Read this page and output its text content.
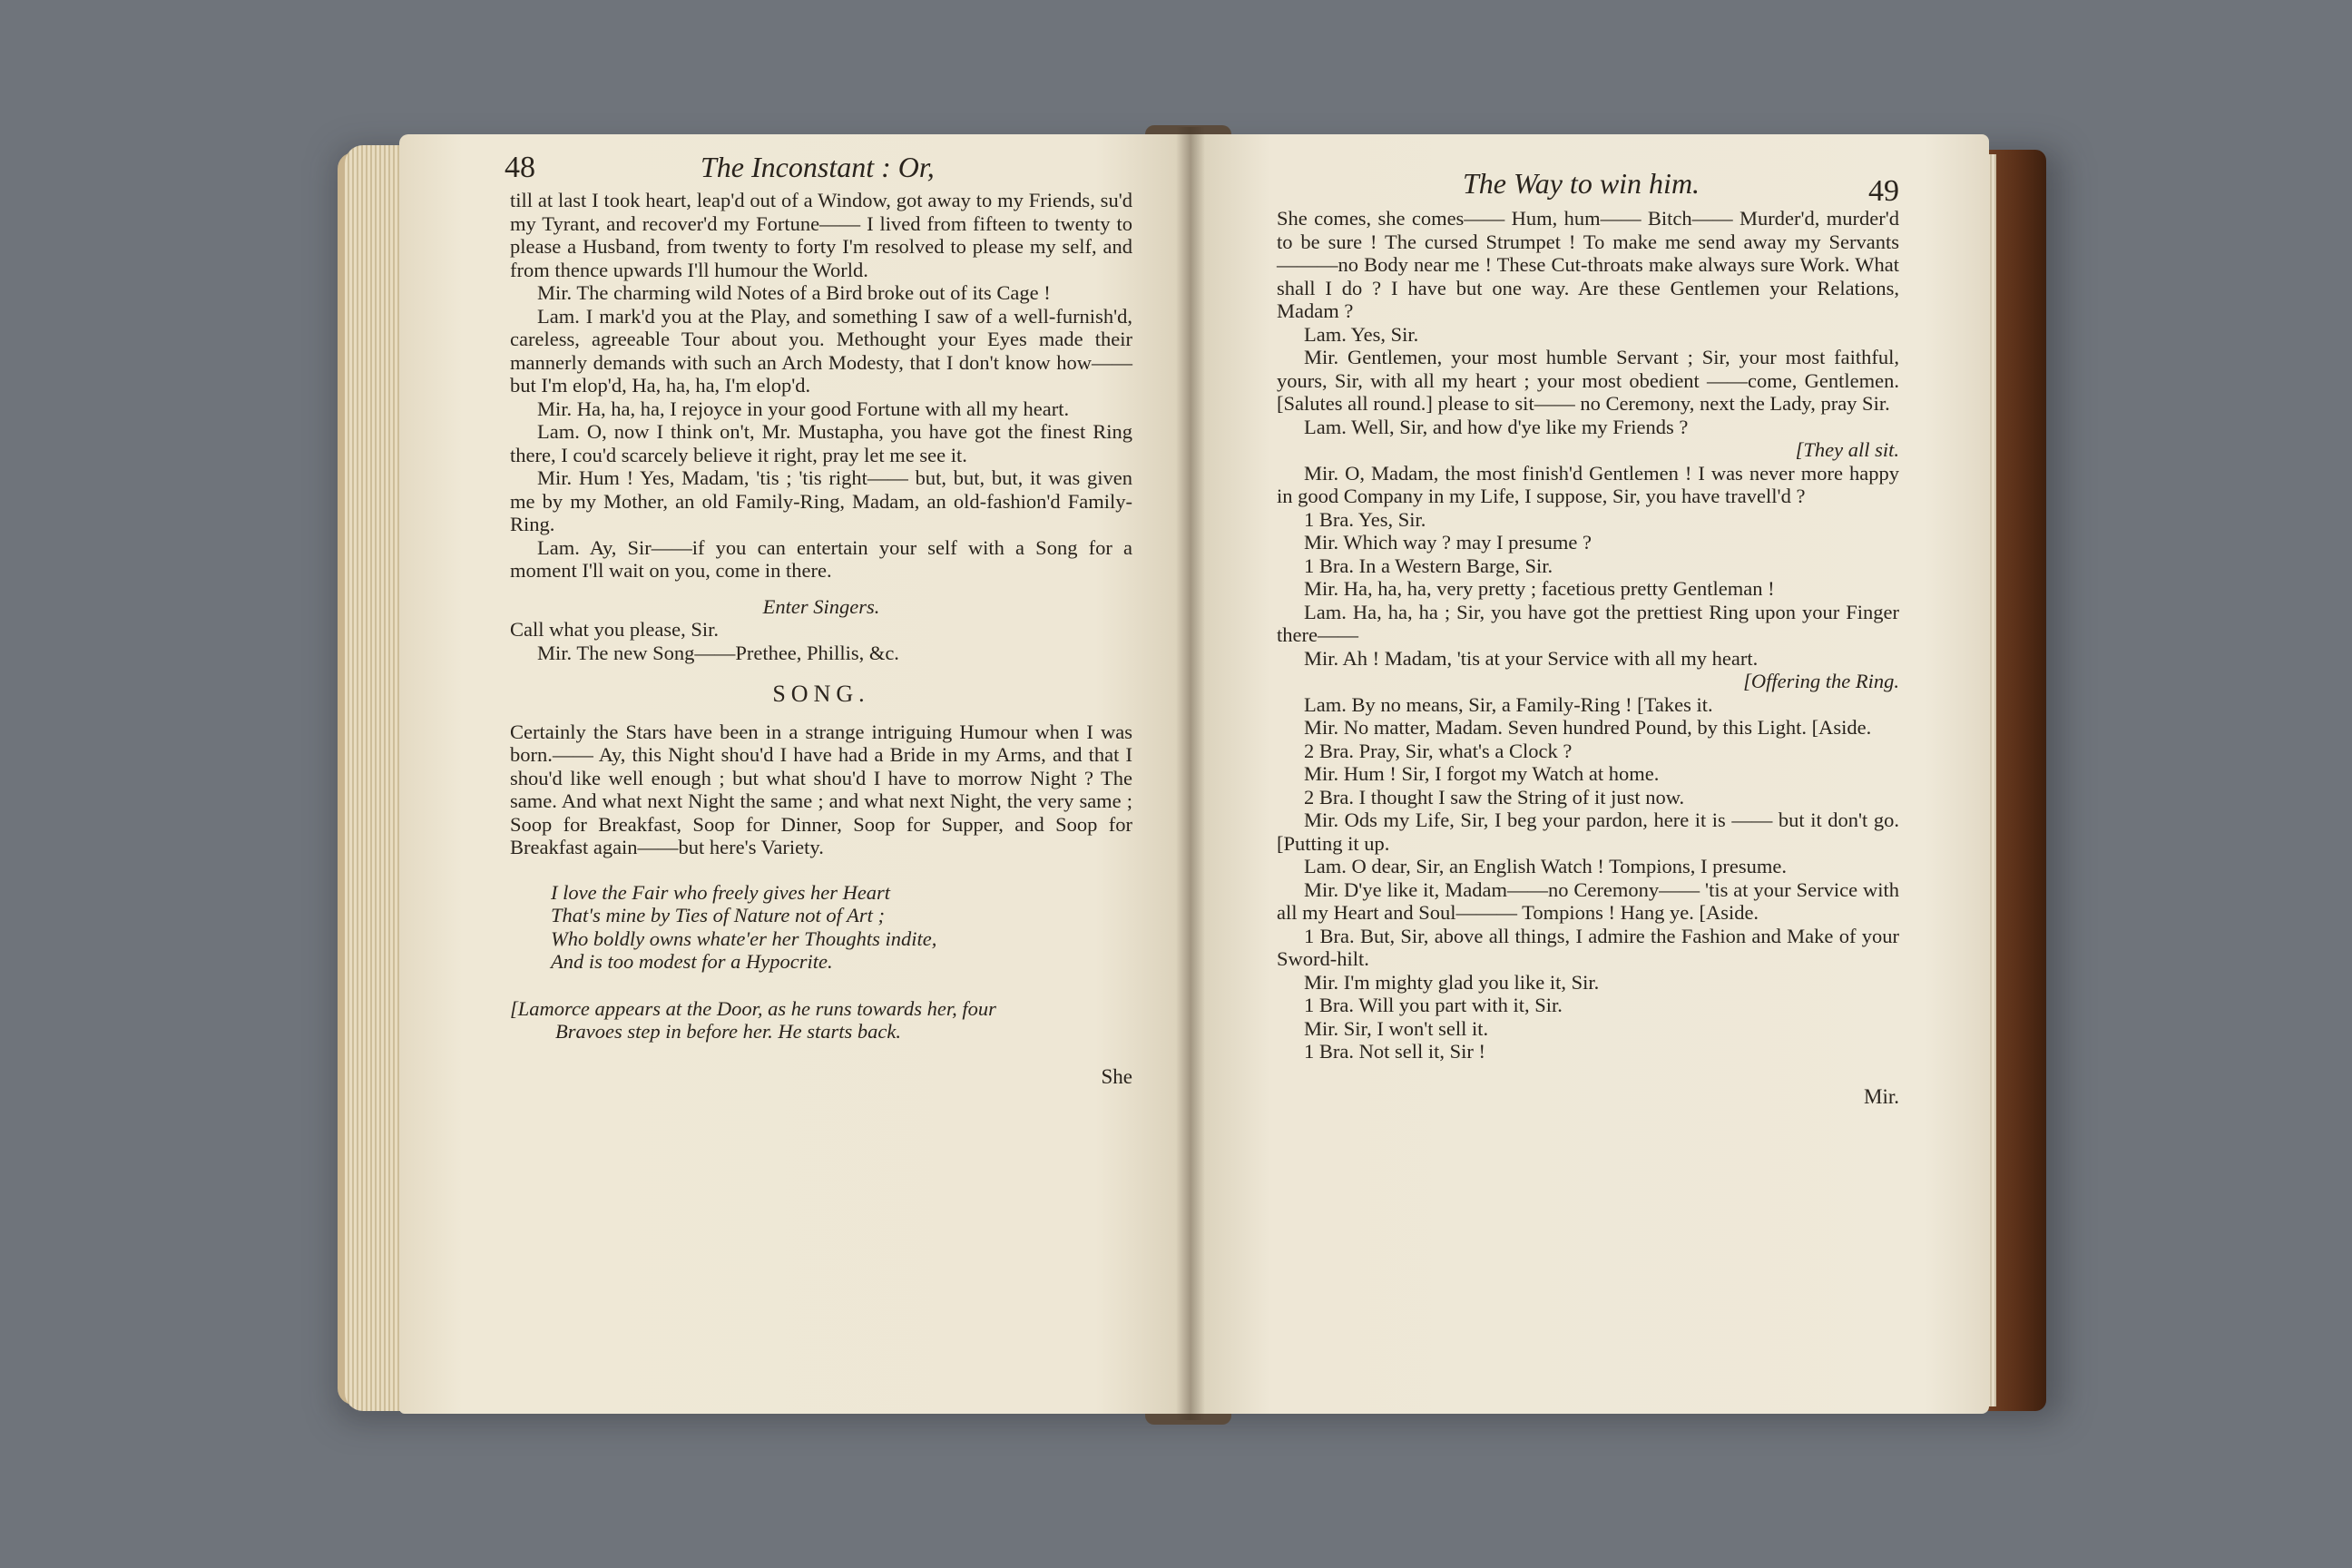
48	The Inconstant : Or,
till at last I took heart, leap'd out of a Window, got away to my Friends, su'd my Tyrant, and recover'd my Fortune—— I lived from fifteen to twenty to please a Husband, from twenty to forty I'm resolved to please my self, and from thence upwards I'll humour the World.
Mir. The charming wild Notes of a Bird broke out of its Cage !
Lam. I mark'd you at the Play, and something I saw of a well-furnish'd, careless, agreeable Tour about you. Methought your Eyes made their mannerly demands with such an Arch Modesty, that I don't know how—— but I'm elop'd, Ha, ha, ha, I'm elop'd.
Mir. Ha, ha, ha, I rejoyce in your good Fortune with all my heart.
Lam. O, now I think on't, Mr. Mustapha, you have got the finest Ring there, I cou'd scarcely believe it right, pray let me see it.
Mir. Hum ! Yes, Madam, 'tis ; 'tis right—— but, but, but, it was given me by my Mother, an old Family-Ring, Madam, an old-fashion'd Family-Ring.
Lam. Ay, Sir——if you can entertain your self with a Song for a moment I'll wait on you, come in there.
Enter Singers.
Call what you please, Sir.
Mir. The new Song——Prethee, Phillis, &c.
SONG.
Certainly the Stars have been in a strange intriguing Humour when I was born.—— Ay, this Night shou'd I have had a Bride in my Arms, and that I shou'd like well enough ; but what shou'd I have to morrow Night ? The same. And what next Night the same ; and what next Night, the very same ; Soop for Breakfast, Soop for Dinner, Soop for Supper, and Soop for Breakfast again——but here's Variety.
I love the Fair who freely gives her Heart
That's mine by Ties of Nature not of Art ;
Who boldly owns whate'er her Thoughts indite,
And is too modest for a Hypocrite.
[Lamorce appears at the Door, as he runs towards her, four
Bravoes step in before her. He starts back.
She
The Way to win him.	49
She comes, she comes—— Hum, hum—— Bitch—— Murder'd, murder'd to be sure ! The cursed Strumpet ! To make me send away my Servants———no Body near me ! These Cut-throats make always sure Work. What shall I do ? I have but one way. Are these Gentlemen your Relations, Madam ?
Lam. Yes, Sir.
Mir. Gentlemen, your most humble Servant ; Sir, your most faithful, yours, Sir, with all my heart ; your most obedient ——come, Gentlemen. [Salutes all round.] please to sit—— no Ceremony, next the Lady, pray Sir.
Lam. Well, Sir, and how d'ye like my Friends ?
[They all sit.
Mir. O, Madam, the most finish'd Gentlemen ! I was never more happy in good Company in my Life, I suppose, Sir, you have travell'd ?
1 Bra. Yes, Sir.
Mir. Which way ? may I presume ?
1 Bra. In a Western Barge, Sir.
Mir. Ha, ha, ha, very pretty ; facetious pretty Gentleman !
Lam. Ha, ha, ha ; Sir, you have got the prettiest Ring upon your Finger there——
Mir. Ah ! Madam, 'tis at your Service with all my heart.
[Offering the Ring.
Lam. By no means, Sir, a Family-Ring ! [Takes it.
Mir. No matter, Madam. Seven hundred Pound, by this Light. [Aside.
2 Bra. Pray, Sir, what's a Clock ?
Mir. Hum ! Sir, I forgot my Watch at home.
2 Bra. I thought I saw the String of it just now.
Mir. Ods my Life, Sir, I beg your pardon, here it is —— but it don't go. [Putting it up.
Lam. O dear, Sir, an English Watch ! Tompions, I presume.
Mir. D'ye like it, Madam——no Ceremony—— 'tis at your Service with all my Heart and Soul——— Tompions ! Hang ye. [Aside.
1 Bra. But, Sir, above all things, I admire the Fashion and Make of your Sword-hilt.
Mir. I'm mighty glad you like it, Sir.
1 Bra. Will you part with it, Sir.
Mir. Sir, I won't sell it.
1 Bra. Not sell it, Sir !
Mir.
